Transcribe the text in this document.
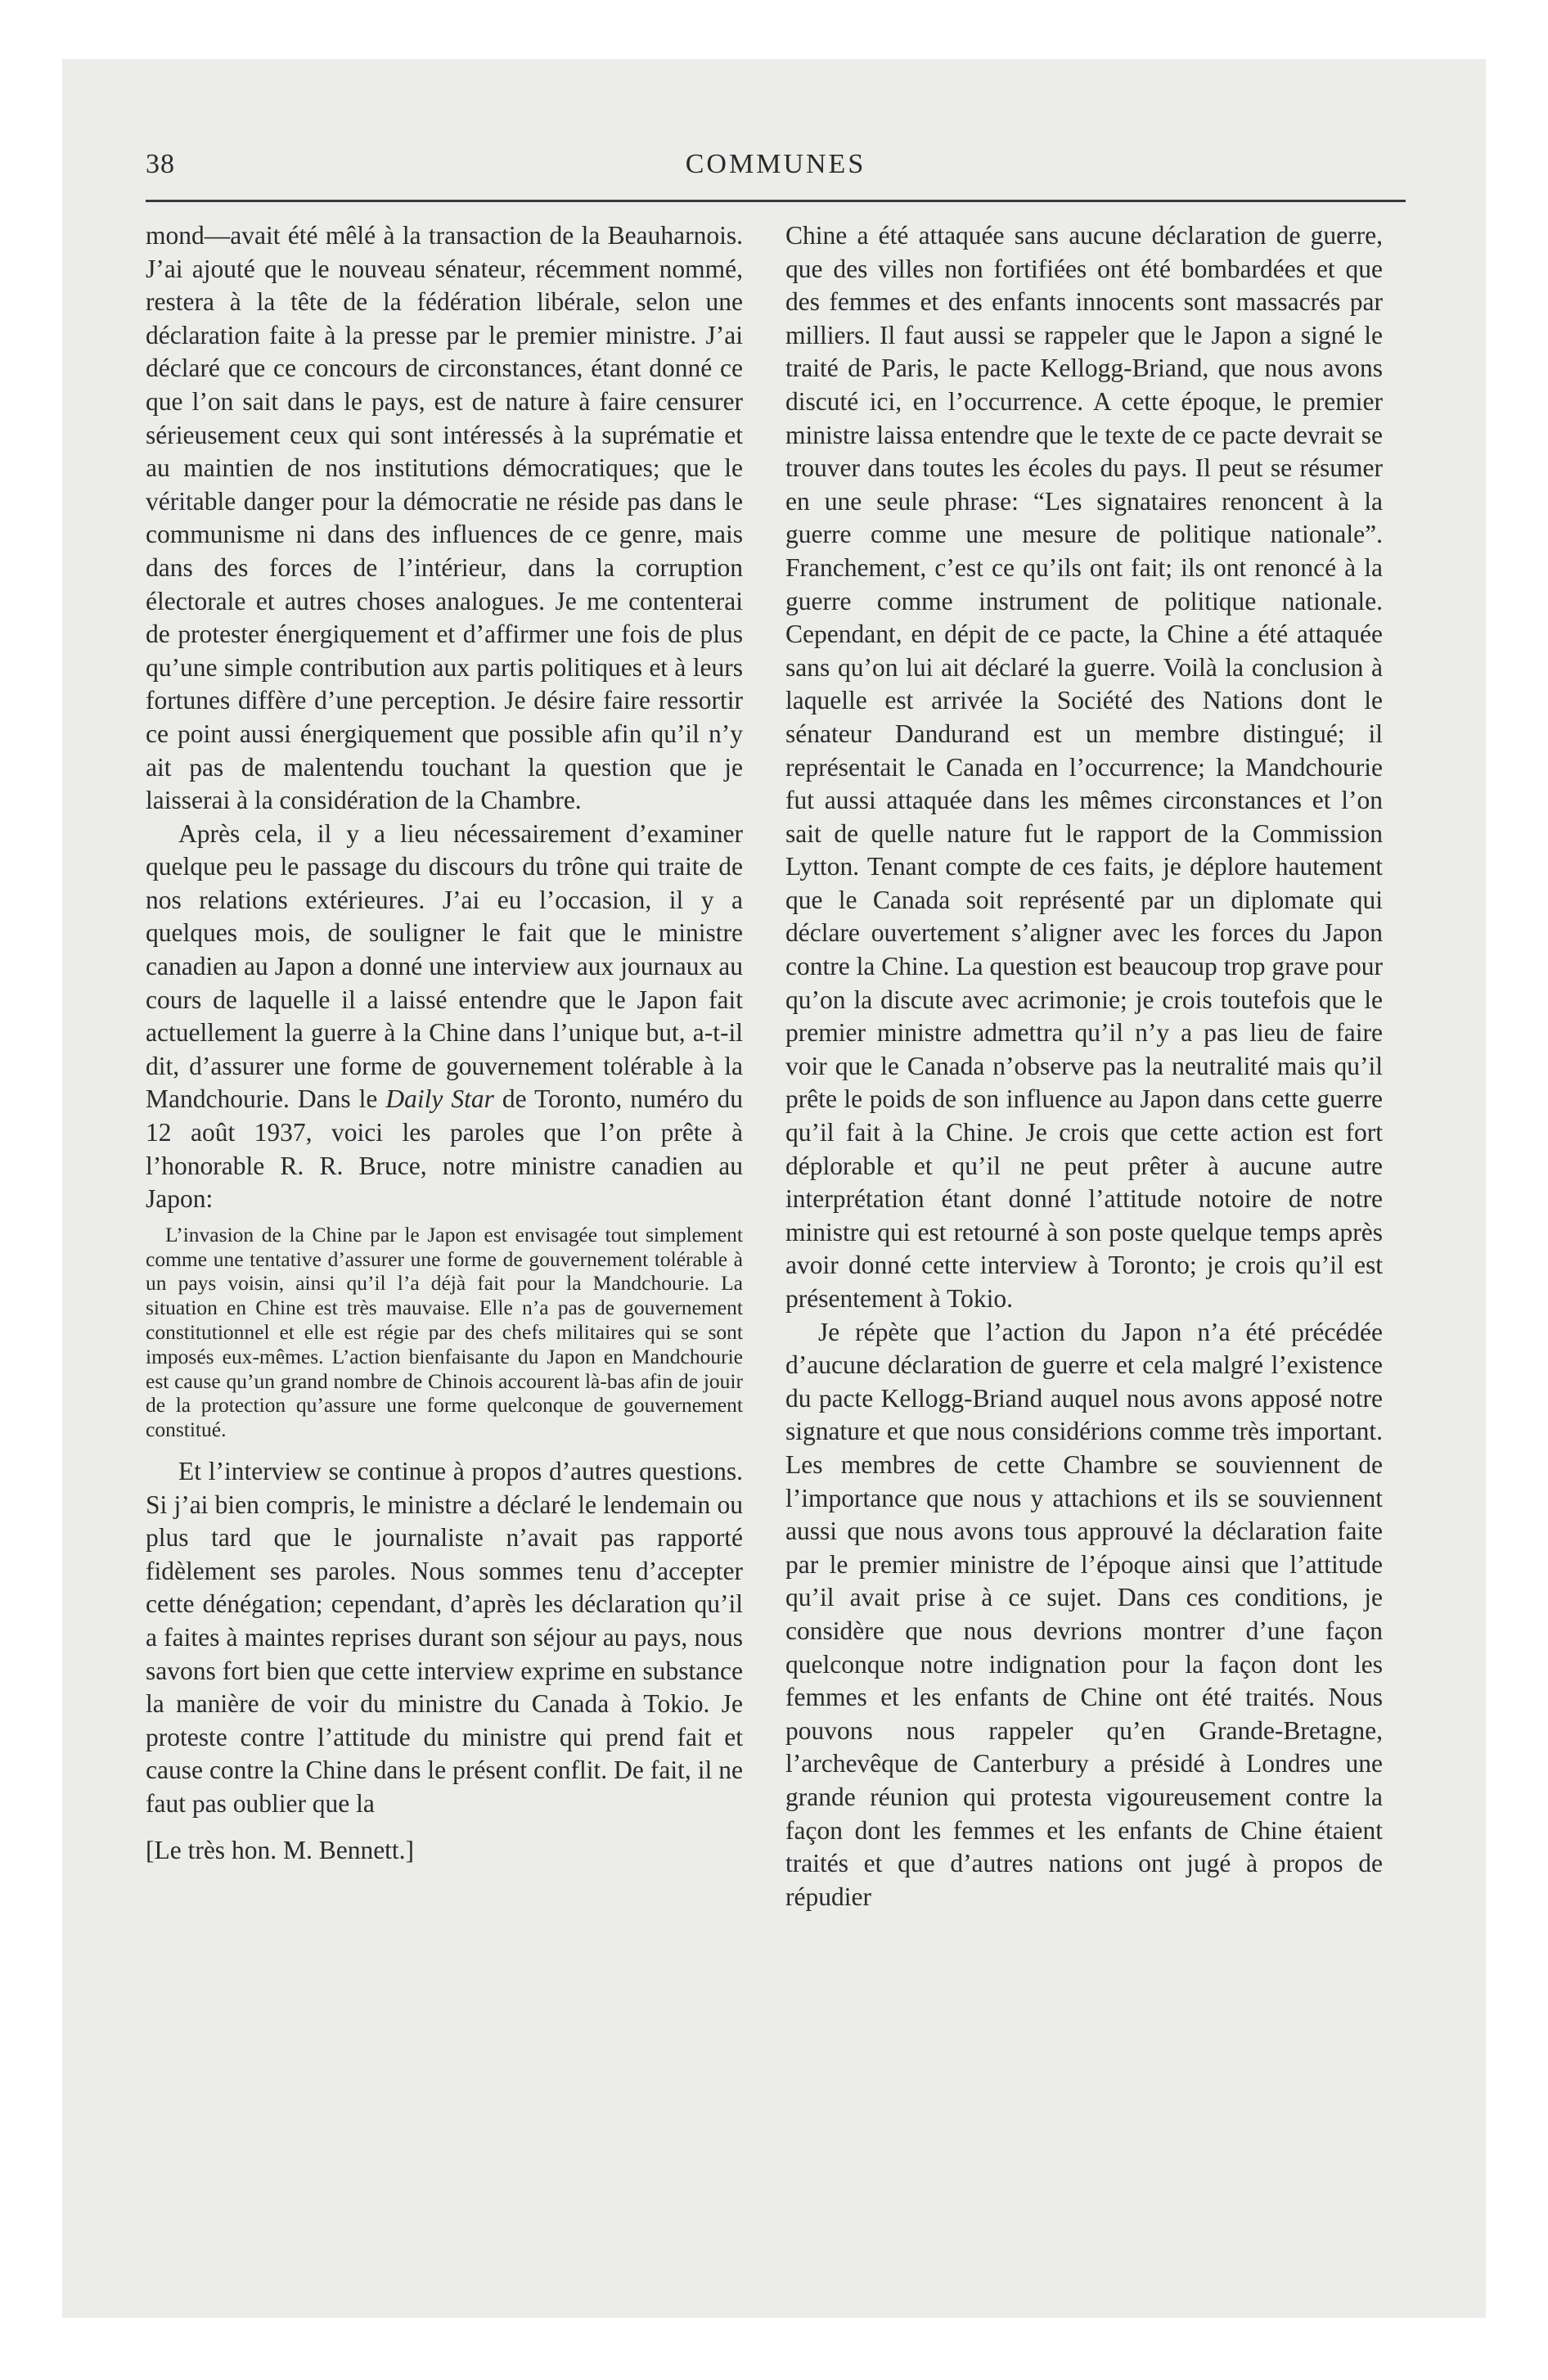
38	COMMUNES

mond—avait été mêlé à la transaction de la Beauharnois. J’ai ajouté que le nouveau sénateur, récemment nommé, restera à la tête de la fédération libérale, selon une déclaration faite à la presse par le premier ministre. J’ai déclaré que ce concours de circonstances, étant donné ce que l’on sait dans le pays, est de nature à faire censurer sérieusement ceux qui sont intéressés à la suprématie et au maintien de nos institutions démocratiques; que le véritable danger pour la démocratie ne réside pas dans le communisme ni dans des influences de ce genre, mais dans des forces de l’intérieur, dans la corruption électorale et autres choses analogues. Je me contenterai de protester énergiquement et d’affirmer une fois de plus qu’une simple contribution aux partis politiques et à leurs fortunes diffère d’une perception. Je désire faire ressortir ce point aussi énergiquement que possible afin qu’il n’y ait pas de malentendu touchant la question que je laisserai à la considération de la Chambre.

Après cela, il y a lieu nécessairement d’examiner quelque peu le passage du discours du trône qui traite de nos relations extérieures. J’ai eu l’occasion, il y a quelques mois, de souligner le fait que le ministre canadien au Japon a donné une interview aux journaux au cours de laquelle il a laissé entendre que le Japon fait actuellement la guerre à la Chine dans l’unique but, a-t-il dit, d’assurer une forme de gouvernement tolérable à la Mandchourie. Dans le Daily Star de Toronto, numéro du 12 août 1937, voici les paroles que l’on prête à l’honorable R. R. Bruce, notre ministre canadien au Japon:

L’invasion de la Chine par le Japon est envisagée tout simplement comme une tentative d’assurer une forme de gouvernement tolérable à un pays voisin, ainsi qu’il l’a déjà fait pour la Mandchourie. La situation en Chine est très mauvaise. Elle n’a pas de gouvernement constitutionnel et elle est régie par des chefs militaires qui se sont imposés eux-mêmes. L’action bienfaisante du Japon en Mandchourie est cause qu’un grand nombre de Chinois accourent là-bas afin de jouir de la protection qu’assure une forme quelconque de gouvernement constitué.

Et l’interview se continue à propos d’autres questions. Si j’ai bien compris, le ministre a déclaré le lendemain ou plus tard que le journaliste n’avait pas rapporté fidèlement ses paroles. Nous sommes tenu d’accepter cette dénégation; cependant, d’après les déclaration qu’il a faites à maintes reprises durant son séjour au pays, nous savons fort bien que cette interview exprime en substance la manière de voir du ministre du Canada à Tokio. Je proteste contre l’attitude du ministre qui prend fait et cause contre la Chine dans le présent conflit. De fait, il ne faut pas oublier que la

[Le très hon. M. Bennett.]

Chine a été attaquée sans aucune déclaration de guerre, que des villes non fortifiées ont été bombardées et que des femmes et des enfants innocents sont massacrés par milliers. Il faut aussi se rappeler que le Japon a signé le traité de Paris, le pacte Kellogg-Briand, que nous avons discuté ici, en l’occurrence. A cette époque, le premier ministre laissa entendre que le texte de ce pacte devrait se trouver dans toutes les écoles du pays. Il peut se résumer en une seule phrase: “Les signataires renoncent à la guerre comme une mesure de politique nationale”. Franchement, c’est ce qu’ils ont fait; ils ont renoncé à la guerre comme instrument de politique nationale. Cependant, en dépit de ce pacte, la Chine a été attaquée sans qu’on lui ait déclaré la guerre. Voilà la conclusion à laquelle est arrivée la Société des Nations dont le sénateur Dandurand est un membre distingué; il représentait le Canada en l’occurrence; la Mandchourie fut aussi attaquée dans les mêmes circonstances et l’on sait de quelle nature fut le rapport de la Commission Lytton. Tenant compte de ces faits, je déplore hautement que le Canada soit représenté par un diplomate qui déclare ouvertement s’aligner avec les forces du Japon contre la Chine. La question est beaucoup trop grave pour qu’on la discute avec acrimonie; je crois toutefois que le premier ministre admettra qu’il n’y a pas lieu de faire voir que le Canada n’observe pas la neutralité mais qu’il prête le poids de son influence au Japon dans cette guerre qu’il fait à la Chine. Je crois que cette action est fort déplorable et qu’il ne peut prêter à aucune autre interprétation étant donné l’attitude notoire de notre ministre qui est retourné à son poste quelque temps après avoir donné cette interview à Toronto; je crois qu’il est présentement à Tokio.

Je répète que l’action du Japon n’a été précédée d’aucune déclaration de guerre et cela malgré l’existence du pacte Kellogg-Briand auquel nous avons apposé notre signature et que nous considérions comme très important. Les membres de cette Chambre se souviennent de l’importance que nous y attachions et ils se souviennent aussi que nous avons tous approuvé la déclaration faite par le premier ministre de l’époque ainsi que l’attitude qu’il avait prise à ce sujet. Dans ces conditions, je considère que nous devrions montrer d’une façon quelconque notre indignation pour la façon dont les femmes et les enfants de Chine ont été traités. Nous pouvons nous rappeler qu’en Grande-Bretagne, l’archevêque de Canterbury a présidé à Londres une grande réunion qui protesta vigoureusement contre la façon dont les femmes et les enfants de Chine étaient traités et que d’autres nations ont jugé à propos de répudier
